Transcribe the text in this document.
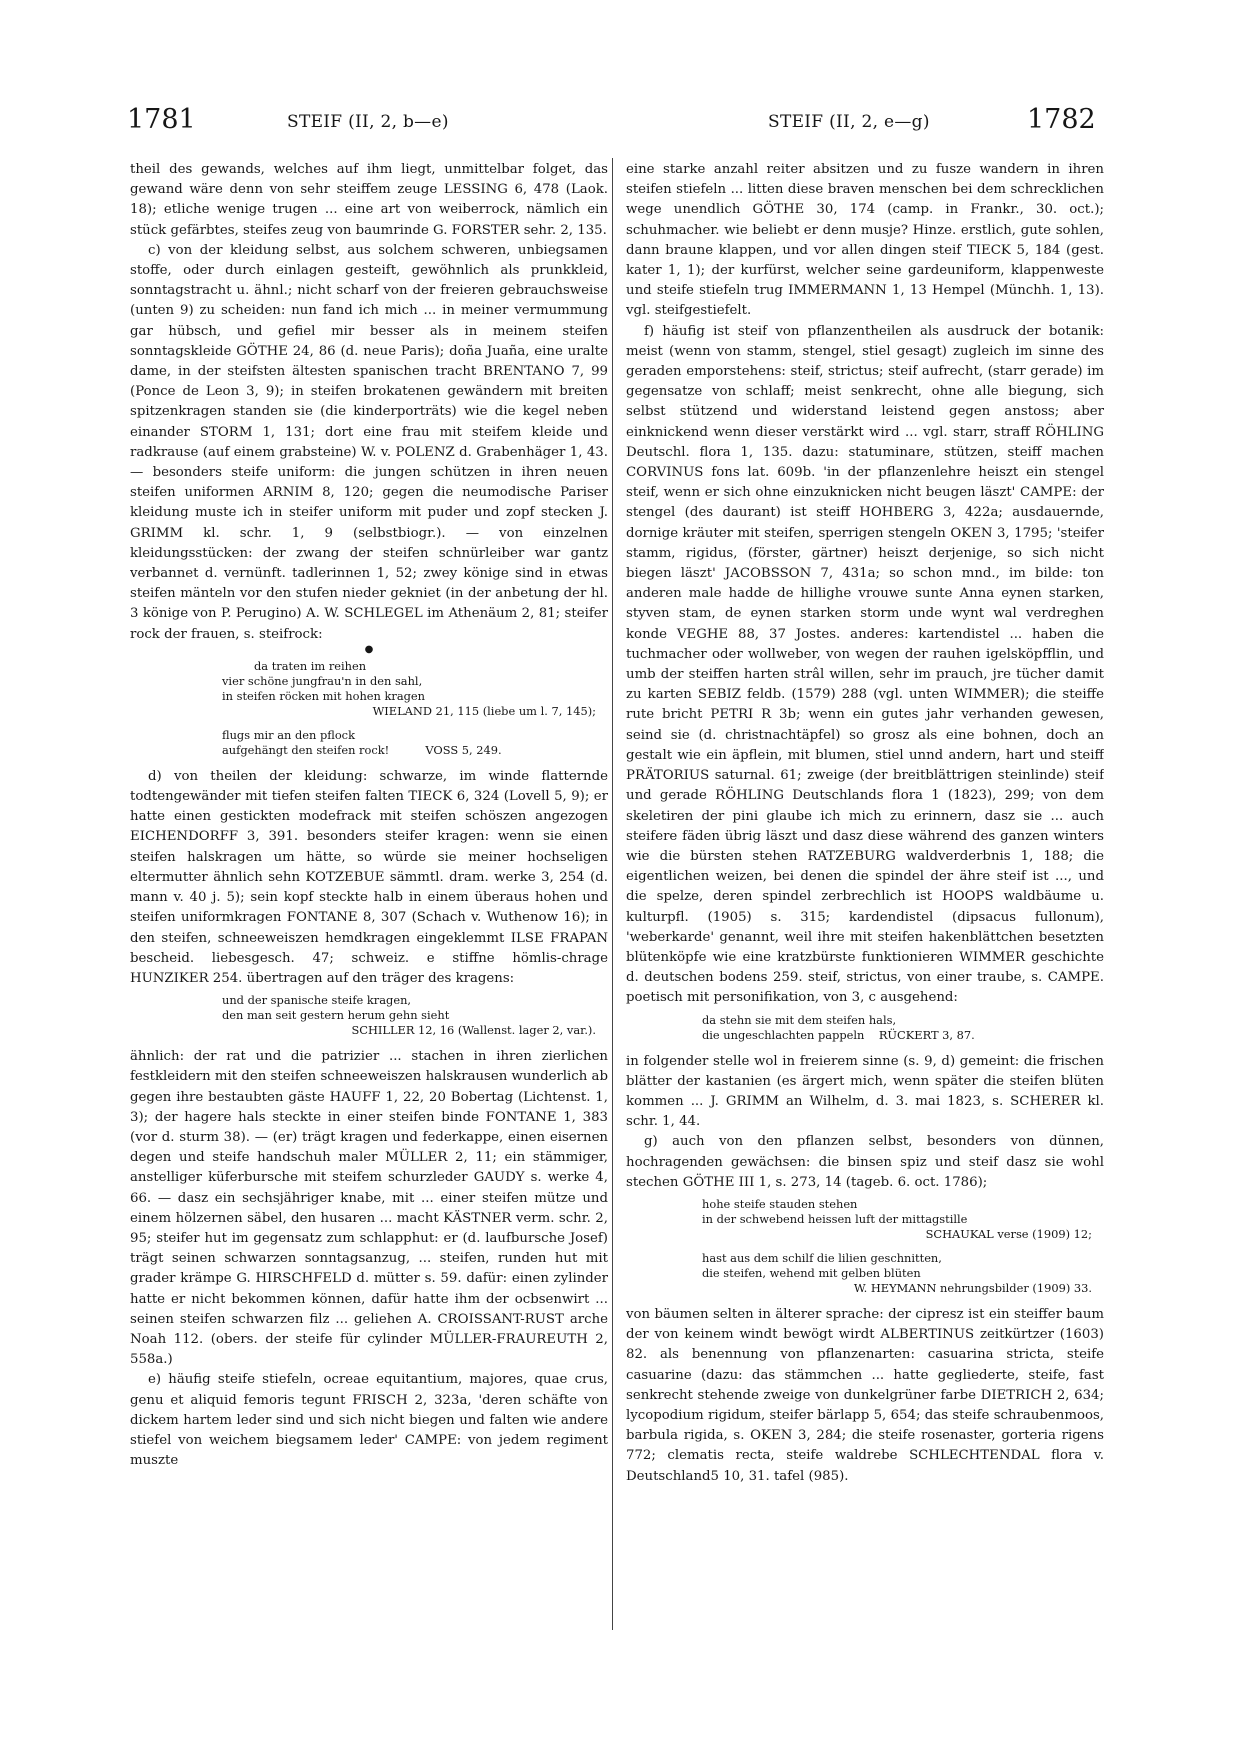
1781	STEIF (II, 2, b—e)	STEIF (II, 2, e—g)	1782

theil des gewands, welches auf ihm liegt, unmittelbar folget, das gewand wäre denn von sehr steiffem zeuge LESSING 6, 478 (Laok. 18); etliche wenige trugen ... eine art von weiberrock, nämlich ein stück gefärbtes, steifes zeug von baumrinde G. FORSTER sehr. 2, 135.

c) von der kleidung selbst, aus solchem schweren, unbiegsamen stoffe, oder durch einlagen gesteift, gewöhnlich als prunkkleid, sonntagstracht u. ähnl.; nicht scharf von der freieren gebrauchsweise (unten 9) zu scheiden: nun fand ich mich ... in meiner vermummung gar hübsch, und gefiel mir besser als in meinem steifen sonntagskleide GÖTHE 24, 86 (d. neue Paris); doña Juaña, eine uralte dame, in der steifsten ältesten spanischen tracht BRENTANO 7, 99 (Ponce de Leon 3, 9); in steifen brokatenen gewändern mit breiten spitzenkragen standen sie (die kinderporträts) wie die kegel neben einander STORM 1, 131; dort eine frau mit steifem kleide und radkrause (auf einem grabsteine) W. v. POLENZ d. Grabenhäger 1, 43. — besonders steife uniform: die jungen schützen in ihren neuen steifen uniformen ARNIM 8, 120; gegen die neumodische Pariser kleidung muste ich in steifer uniform mit puder und zopf stecken J. GRIMM kl. schr. 1, 9 (selbstbiogr.). — von einzelnen kleidungsstücken: der zwang der steifen schnürleiber war gantz verbannet d. vernünft. tadlerinnen 1, 52; zwey könige sind in etwas steifen mänteln vor den stufen nieder gekniet (in der anbetung der hl. 3 könige von P. Perugino) A. W. SCHLEGEL im Athenäum 2, 81; steifer rock der frauen, s. steifrock:

●
da traten im reihen
vier schöne jungfrau'n in den sahl,
in steifen röcken mit hohen kragen
WIELAND 21, 115 (liebe um l. 7, 145);
flugs mir an den pflock
aufgehängt den steifen rock!          VOSS 5, 249.

d) von theilen der kleidung: schwarze, im winde flatternde todtengewänder mit tiefen steifen falten TIECK 6, 324 (Lovell 5, 9); er hatte einen gestickten modefrack mit steifen schöszen angezogen EICHENDORFF 3, 391. besonders steifer kragen: wenn sie einen steifen halskragen um hätte, so würde sie meiner hochseligen eltermutter ähnlich sehn KOTZEBUE sämmtl. dram. werke 3, 254 (d. mann v. 40 j. 5); sein kopf steckte halb in einem überaus hohen und steifen uniformkragen FONTANE 8, 307 (Schach v. Wuthenow 16); in den steifen, schneeweiszen hemdkragen eingeklemmt ILSE FRAPAN bescheid. liebesgesch. 47; schweiz. e stiffne hömlis-chrage HUNZIKER 254. übertragen auf den träger des kragens:

und der spanische steife kragen,
den man seit gestern herum gehn sieht
SCHILLER 12, 16 (Wallenst. lager 2, var.).

ähnlich: der rat und die patrizier ... stachen in ihren zierlichen festkleidern mit den steifen schneeweiszen halskrausen wunderlich ab gegen ihre bestaubten gäste HAUFF 1, 22, 20 Bobertag (Lichtenst. 1, 3); der hagere hals steckte in einer steifen binde FONTANE 1, 383 (vor d. sturm 38). — (er) trägt kragen und federkappe, einen eisernen degen und steife handschuh maler MÜLLER 2, 11; ein stämmiger, anstelliger küferbursche mit steifem schurzleder GAUDY s. werke 4, 66. — dasz ein sechsjähriger knabe, mit ... einer steifen mütze und einem hölzernen säbel, den husaren ... macht KÄSTNER verm. schr. 2, 95; steifer hut im gegensatz zum schlapphut: er (d. laufbursche Josef) trägt seinen schwarzen sonntagsanzug, ... steifen, runden hut mit grader krämpe G. HIRSCHFELD d. mütter s. 59. dafür: einen zylinder hatte er nicht bekommen können, dafür hatte ihm der ocbsenwirt ... seinen steifen schwarzen filz ... geliehen A. CROISSANT-RUST arche Noah 112. (obers. der steife für cylinder MÜLLER-FRAUREUTH 2, 558a.)

e) häufig steife stiefeln, ocreae equitantium, majores, quae crus, genu et aliquid femoris tegunt FRISCH 2, 323a, 'deren schäfte von dickem hartem leder sind und sich nicht biegen und falten wie andere stiefel von weichem biegsamem leder' CAMPE: von jedem regiment muszte

eine starke anzahl reiter absitzen und zu fusze wandern in ihren steifen stiefeln ... litten diese braven menschen bei dem schrecklichen wege unendlich GÖTHE 30, 174 (camp. in Frankr., 30. oct.); schuhmacher. wie beliebt er denn musje? Hinze. erstlich, gute sohlen, dann braune klappen, und vor allen dingen steif TIECK 5, 184 (gest. kater 1, 1); der kurfürst, welcher seine gardeuniform, klappenweste und steife stiefeln trug IMMERMANN 1, 13 Hempel (Münchh. 1, 13). vgl. steifgestiefelt.

f) häufig ist steif von pflanzentheilen als ausdruck der botanik: meist (wenn von stamm, stengel, stiel gesagt) zugleich im sinne des geraden emporstehens: steif, strictus; steif aufrecht, (starr gerade) im gegensatze von schlaff; meist senkrecht, ohne alle biegung, sich selbst stützend und widerstand leistend gegen anstoss; aber einknickend wenn dieser verstärkt wird ... vgl. starr, straff RÖHLING Deutschl. flora 1, 135. dazu: statuminare, stützen, steiff machen CORVINUS fons lat. 609b. 'in der pflanzenlehre heiszt ein stengel steif, wenn er sich ohne einzuknicken nicht beugen läszt' CAMPE: der stengel (des daurant) ist steiff HOHBERG 3, 422a; ausdauernde, dornige kräuter mit steifen, sperrigen stengeln OKEN 3, 1795; 'steifer stamm, rigidus, (förster, gärtner) heiszt derjenige, so sich nicht biegen läszt' JACOBSSON 7, 431a; so schon mnd., im bilde: ton anderen male hadde de hillighe vrouwe sunte Anna eynen starken, styven stam, de eynen starken storm unde wynt wal verdreghen konde VEGHE 88, 37 Jostes. anderes: kartendistel ... haben die tuchmacher oder wollweber, von wegen der rauhen igelsköpfflin, und umb der steiffen harten strâl willen, sehr im prauch, jre tücher damit zu karten SEBIZ feldb. (1579) 288 (vgl. unten WIMMER); die steiffe rute bricht PETRI R 3b; wenn ein gutes jahr verhanden gewesen, seind sie (d. christnachtäpfel) so grosz als eine bohnen, doch an gestalt wie ein äpflein, mit blumen, stiel unnd andern, hart und steiff PRÄTORIUS saturnal. 61; zweige (der breitblättrigen steinlinde) steif und gerade RÖHLING Deutschlands flora 1 (1823), 299; von dem skeletiren der pini glaube ich mich zu erinnern, dasz sie ... auch steifere fäden übrig läszt und dasz diese während des ganzen winters wie die bürsten stehen RATZEBURG waldverderbnis 1, 188; die eigentlichen weizen, bei denen die spindel der ähre steif ist ..., und die spelze, deren spindel zerbrechlich ist HOOPS waldbäume u. kulturpfl. (1905) s. 315; kardendistel (dipsacus fullonum), 'weberkarde' genannt, weil ihre mit steifen hakenblättchen besetzten blütenköpfe wie eine kratzbürste funktionieren WIMMER geschichte d. deutschen bodens 259. steif, strictus, von einer traube, s. CAMPE. poetisch mit personifikation, von 3, c ausgehend:

da stehn sie mit dem steifen hals,
die ungeschlachten pappeln    RÜCKERT 3, 87.

in folgender stelle wol in freierem sinne (s. 9, d) gemeint: die frischen blätter der kastanien (es ärgert mich, wenn später die steifen blüten kommen ... J. GRIMM an Wilhelm, d. 3. mai 1823, s. SCHERER kl. schr. 1, 44.

g) auch von den pflanzen selbst, besonders von dünnen, hochragenden gewächsen: die binsen spiz und steif dasz sie wohl stechen GÖTHE III 1, s. 273, 14 (tageb. 6. oct. 1786);

hohe steife stauden stehen
in der schwebend heissen luft der mittagstille
SCHAUKAL verse (1909) 12;
hast aus dem schilf die lilien geschnitten,
die steifen, wehend mit gelben blüten
W. HEYMANN nehrungsbilder (1909) 33.

von bäumen selten in älterer sprache: der cipresz ist ein steiffer baum der von keinem windt bewögt wirdt ALBERTINUS zeitkürtzer (1603) 82. als benennung von pflanzenarten: casuarina stricta, steife casuarine (dazu: das stämmchen ... hatte gegliederte, steife, fast senkrecht stehende zweige von dunkelgrüner farbe DIETRICH 2, 634; lycopodium rigidum, steifer bärlapp 5, 654; das steife schraubenmoos, barbula rigida, s. OKEN 3, 284; die steife rosenaster, gorteria rigens 772; clematis recta, steife waldrebe SCHLECHTENDAL flora v. Deutschland5 10, 31. tafel (985).
